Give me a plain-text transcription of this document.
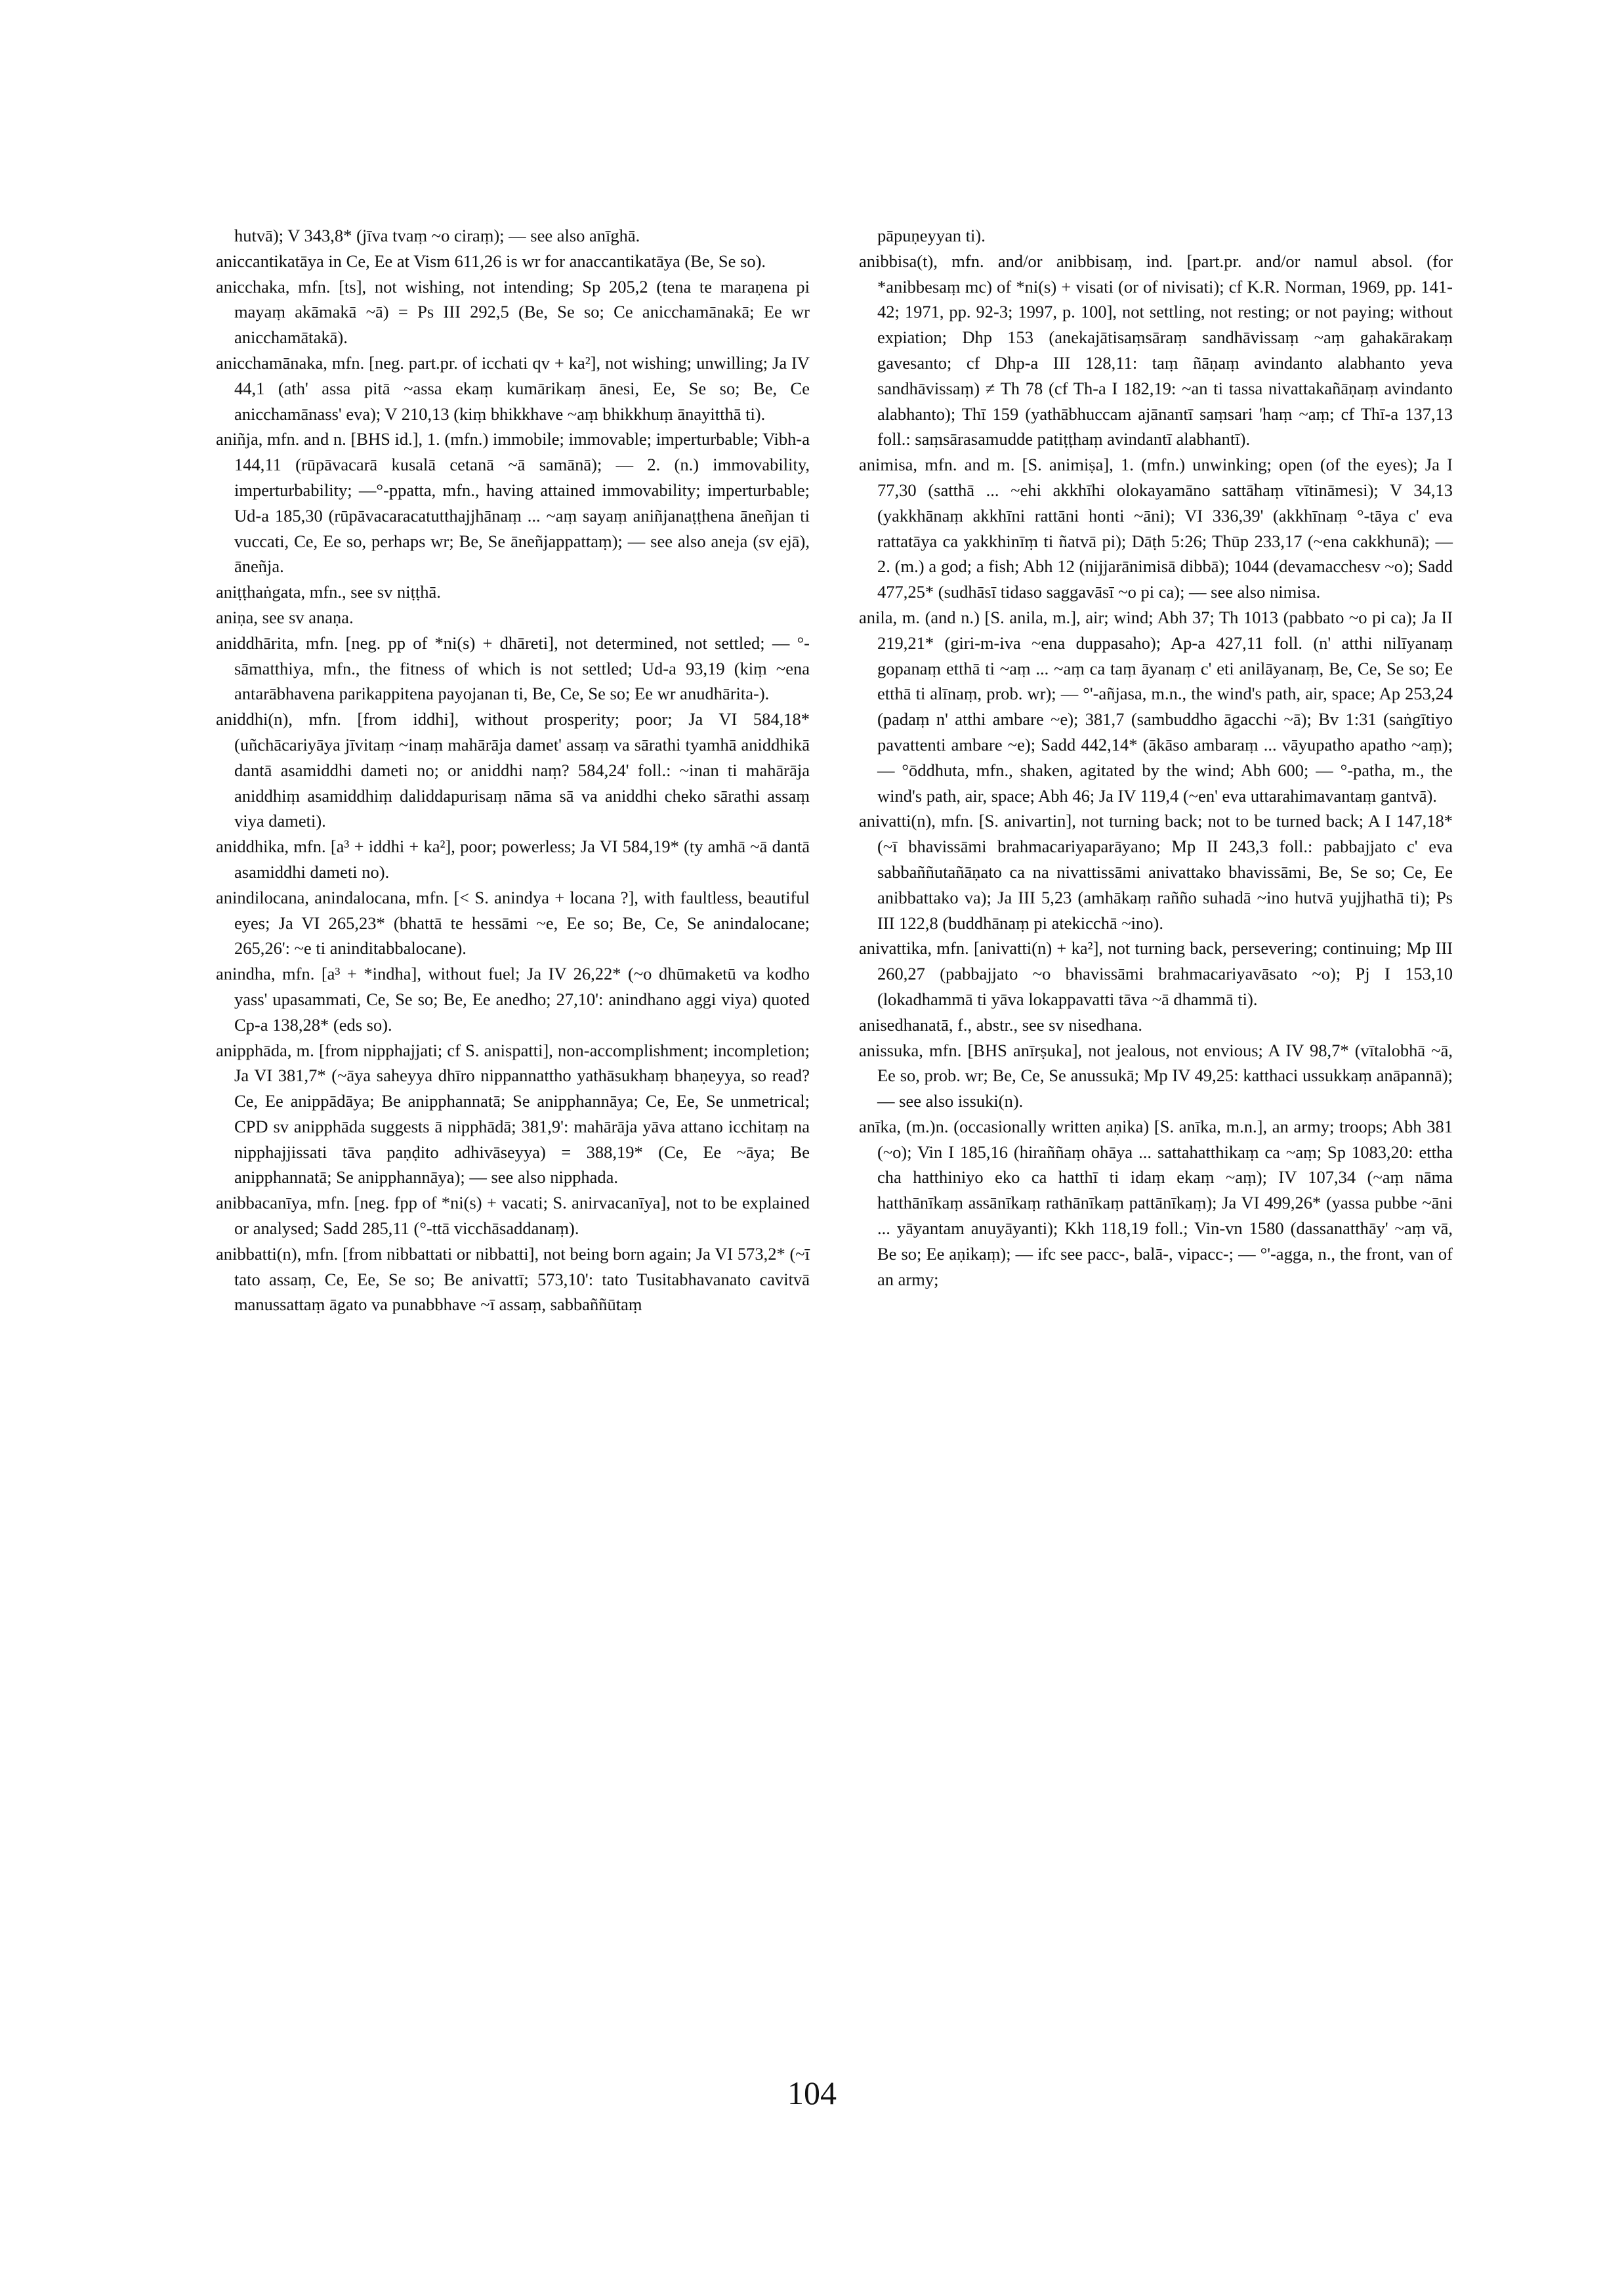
hutvā); V 343,8* (jīva tvaṃ ~o ciraṃ); — see also anīghā.

aniccantikatāya in Ce, Ee at Vism 611,26 is wr for anaccantikatāya (Be, Se so).

anicchaka, mfn. [ts], not wishing, not intending; Sp 205,2 (tena te maraṇena pi mayaṃ akāmakā ~ā) = Ps III 292,5 (Be, Se so; Ce anicchamānakā; Ee wr anicchamātakā).

anicchamānaka, mfn. [neg. part.pr. of icchati qv + ka²], not wishing; unwilling; Ja IV 44,1 (ath' assa pitā ~assa ekaṃ kumārikaṃ ānesi, Ee, Se so; Be, Ce anicchamānass' eva); V 210,13 (kiṃ bhikkhave ~aṃ bhikkhuṃ ānayitthā ti).

aniñja, mfn. and n. [BHS id.], 1. (mfn.) immobile; immovable; imperturbable; Vibh-a 144,11 (rūpāvacarā kusalā cetanā ~ā samānā); — 2. (n.) immovability, imperturbability; —°-ppatta, mfn., having attained immovability; imperturbable; Ud-a 185,30 (rūpāvacaracatutthajjhānaṃ ... ~aṃ sayaṃ aniñjanaṭṭhena āneñjan ti vuccati, Ce, Ee so, perhaps wr; Be, Se āneñjappattaṃ); — see also aneja (sv ejā), āneñja.

aniṭṭhaṅgata, mfn., see sv niṭṭhā.

aniṇa, see sv anaṇa.

aniddhārita, mfn. [neg. pp of *ni(s) + dhāreti], not determined, not settled; — °-sāmatthiya, mfn., the fitness of which is not settled; Ud-a 93,19 (kiṃ ~ena antarābhavena parikappitena payojanan ti, Be, Ce, Se so; Ee wr anudhārita-).

aniddhi(n), mfn. [from iddhi], without prosperity; poor; Ja VI 584,18* (uñchācariyāya jīvitaṃ ~inaṃ mahārāja damet' assaṃ va sārathi tyamhā aniddhikā dantā asamiddhi dameti no; or aniddhi naṃ? 584,24' foll.: ~inan ti mahārāja aniddhiṃ asamiddhiṃ daliddapurisaṃ nāma sā va aniddhi cheko sārathi assaṃ viya dameti).

aniddhika, mfn. [a³ + iddhi + ka²], poor; powerless; Ja VI 584,19* (ty amhā ~ā dantā asamiddhi dameti no).

anindilocana, anindalocana, mfn. [< S. anindya + locana ?], with faultless, beautiful eyes; Ja VI 265,23* (bhattā te hessāmi ~e, Ee so; Be, Ce, Se anindalocane; 265,26': ~e ti aninditabbalocane).

anindha, mfn. [a³ + *indha], without fuel; Ja IV 26,22* (~o dhūmaketū va kodho yass' upasammati, Ce, Se so; Be, Ee anedho; 27,10': anindhano aggi viya) quoted Cp-a 138,28* (eds so).

anipphāda, m. [from nipphajjati; cf S. anispatti], non-accomplishment; incompletion; Ja VI 381,7* (~āya saheyya dhīro nippannattho yathāsukhaṃ bhaṇeyya, so read? Ce, Ee anippādāya; Be anipphannatā; Se anipphannāya; Ce, Ee, Se unmetrical; CPD sv anipphāda suggests ā nipphādā; 381,9': mahārāja yāva attano icchitaṃ na nipphajjissati tāva paṇḍito adhivāseyya) = 388,19* (Ce, Ee ~āya; Be anipphannatā; Se anipphannāya); — see also nipphada.

anibbacanīya, mfn. [neg. fpp of *ni(s) + vacati; S. anirvacanīya], not to be explained or analysed; Sadd 285,11 (°-ttā vicchāsaddanaṃ).

anibbatti(n), mfn. [from nibbattati or nibbatti], not being born again; Ja VI 573,2* (~ī tato assaṃ, Ce, Ee, Se so; Be anivattī; 573,10': tato Tusitabhavanato cavitvā manussattaṃ āgato va punabbhave ~ī assaṃ, sabbaññūtaṃ

pāpuṇeyyan ti).

anibbisa(t), mfn. and/or anibbisaṃ, ind. [part.pr. and/or namul absol. (for *anibbesaṃ mc) of *ni(s) + visati (or of nivisati); cf K.R. Norman, 1969, pp. 141-42; 1971, pp. 92-3; 1997, p. 100], not settling, not resting; or not paying; without expiation; Dhp 153 (anekajātisaṃsāraṃ sandhāvissaṃ ~aṃ gahakārakaṃ gavesanto; cf Dhp-a III 128,11: taṃ ñāṇaṃ avindanto alabhanto yeva sandhāvissaṃ) ≠ Th 78 (cf Th-a I 182,19: ~an ti tassa nivattakañāṇaṃ avindanto alabhanto); Thī 159 (yathābhuccam ajānantī saṃsari 'haṃ ~aṃ; cf Thī-a 137,13 foll.: saṃsārasamudde patiṭṭhaṃ avindantī alabhantī).

animisa, mfn. and m. [S. animiṣa], 1. (mfn.) unwinking; open (of the eyes); Ja I 77,30 (satthā ... ~ehi akkhīhi olokayamāno sattāhaṃ vītināmesi); V 34,13 (yakkhānaṃ akkhīni rattāni honti ~āni); VI 336,39' (akkhīnaṃ °-tāya c' eva rattatāya ca yakkhinīṃ ti ñatvā pi); Dāṭh 5:26; Thūp 233,17 (~ena cakkhunā); — 2. (m.) a god; a fish; Abh 12 (nijjarānimisā dibbā); 1044 (devamacchesv ~o); Sadd 477,25* (sudhāsī tidaso saggavāsī ~o pi ca); — see also nimisa.

anila, m. (and n.) [S. anila, m.], air; wind; Abh 37; Th 1013 (pabbato ~o pi ca); Ja II 219,21* (giri-m-iva ~ena duppasaho); Ap-a 427,11 foll. (n' atthi nilīyanaṃ gopanaṃ etthā ti ~aṃ ... ~aṃ ca taṃ āyanaṃ c' eti anilāyanaṃ, Be, Ce, Se so; Ee etthā ti alīnaṃ, prob. wr); — °'-añjasa, m.n., the wind's path, air, space; Ap 253,24 (padaṃ n' atthi ambare ~e); 381,7 (sambuddho āgacchi ~ā); Bv 1:31 (saṅgītiyo pavattenti ambare ~e); Sadd 442,14* (ākāso ambaraṃ ... vāyupatho apatho ~aṃ); — °ōddhuta, mfn., shaken, agitated by the wind; Abh 600; — °-patha, m., the wind's path, air, space; Abh 46; Ja IV 119,4 (~en' eva uttarahimavantaṃ gantvā).

anivatti(n), mfn. [S. anivartin], not turning back; not to be turned back; A I 147,18* (~ī bhavissāmi brahmacariyaparāyano; Mp II 243,3 foll.: pabbajjato c' eva sabbaññutañāṇato ca na nivattissāmi anivattako bhavissāmi, Be, Se so; Ce, Ee anibbattako va); Ja III 5,23 (amhākaṃ rañño suhadā ~ino hutvā yujjhathā ti); Ps III 122,8 (buddhānaṃ pi atekicchā ~ino).

anivattika, mfn. [anivatti(n) + ka²], not turning back, persevering; continuing; Mp III 260,27 (pabbajjato ~o bhavissāmi brahmacariyavāsato ~o); Pj I 153,10 (lokadhammā ti yāva lokappavatti tāva ~ā dhammā ti).

anisedhanatā, f., abstr., see sv nisedhana.

anissuka, mfn. [BHS anīrṣuka], not jealous, not envious; A IV 98,7* (vītalobhā ~ā, Ee so, prob. wr; Be, Ce, Se anussukā; Mp IV 49,25: katthaci ussukkaṃ anāpannā); — see also issuki(n).

anīka, (m.)n. (occasionally written aṇika) [S. anīka, m.n.], an army; troops; Abh 381 (~o); Vin I 185,16 (hiraññaṃ ohāya ... sattahatthikaṃ ca ~aṃ; Sp 1083,20: ettha cha hatthiniyo eko ca hatthī ti idaṃ ekaṃ ~aṃ); IV 107,34 (~aṃ nāma hatthānīkaṃ assānīkaṃ rathānīkaṃ pattānīkaṃ); Ja VI 499,26* (yassa pubbe ~āni ... yāyantam anuyāyanti); Kkh 118,19 foll.; Vin-vn 1580 (dassanatthāy' ~aṃ vā, Be so; Ee aṇikaṃ); — ifc see pacc-, balā-, vipacc-; — °'-agga, n., the front, van of an army;

104
